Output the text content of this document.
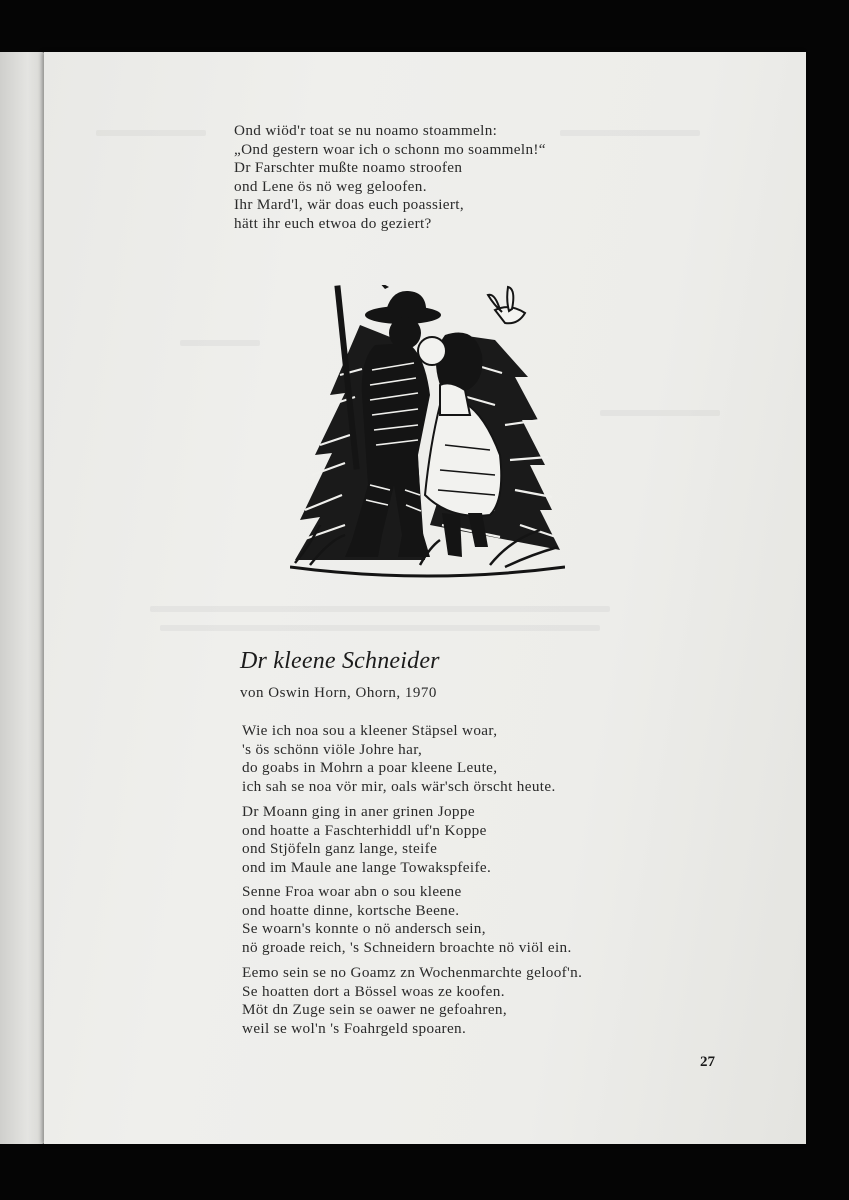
Ond wiöd'r toat se nu noamo stoammeln:
„Ond gestern woar ich o schonn mo soammeln!“
Dr Farschter mußte noamo stroofen
ond Lene ös nö weg geloofen.
Ihr Mard'l, wär doas euch poassiert,
hätt ihr euch etwoa do geziert?
Dr kleene Schneider
von Oswin Horn, Ohorn, 1970
Wie ich noa sou a kleener Stäpsel woar,
's ös schönn viöle Johre har,
do goabs in Mohrn a poar kleene Leute,
ich sah se noa vör mir, oals wär'sch örscht heute.
Dr Moann ging in aner grinen Joppe
ond hoatte a Faschterhiddl uf'n Koppe
ond Stjöfeln ganz lange, steife
ond im Maule ane lange Towakspfeife.
Senne Froa woar abn o sou kleene
ond hoatte dinne, kortsche Beene.
Se woarn's konnte o nö andersch sein,
nö groade reich, 's Schneidern broachte nö viöl ein.
Eemo sein se no Goamz zn Wochenmarchte geloof'n.
Se hoatten dort a Bössel woas ze koofen.
Möt dn Zuge sein se oawer ne gefoahren,
weil se wol'n 's Foahrgeld spoaren.
27
